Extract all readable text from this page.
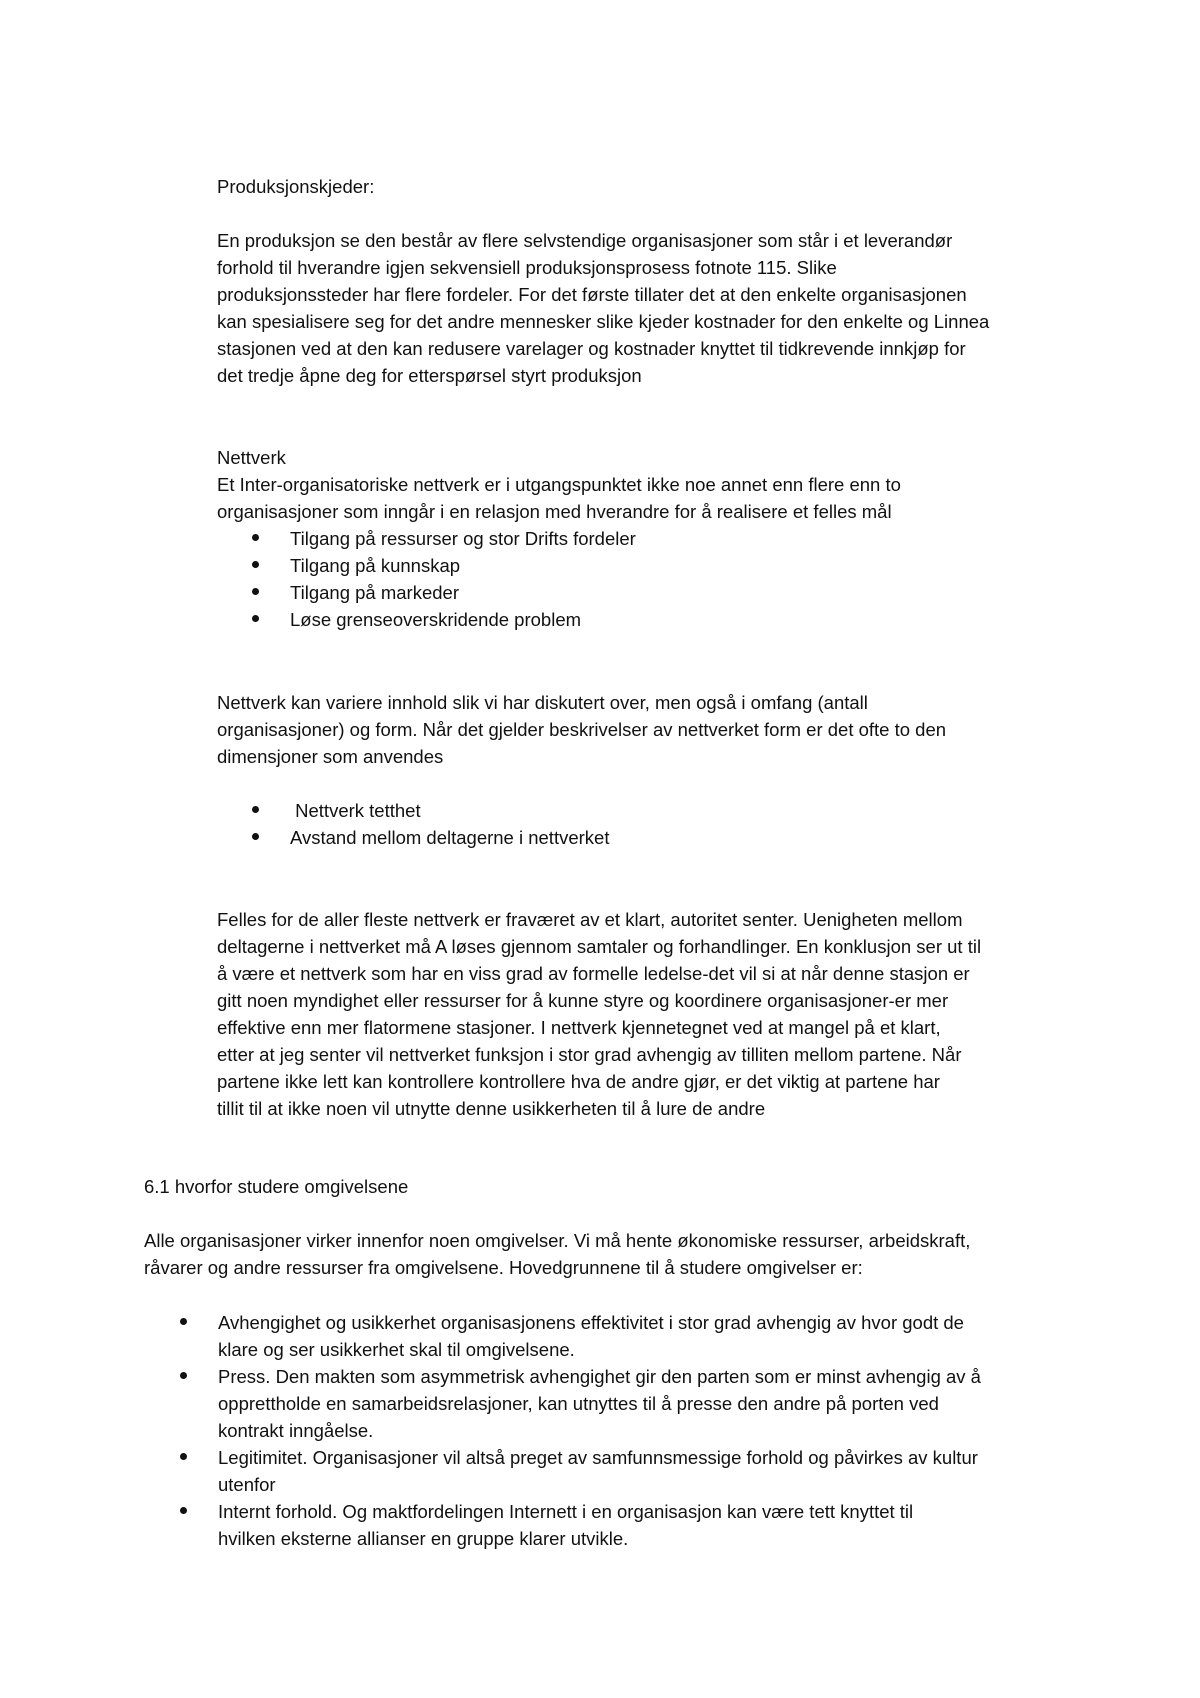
Produksjonskjeder:

En produksjon se den består av flere selvstendige organisasjoner som står i et leverandør

forhold til hverandre igjen sekvensiell produksjonsprosess fotnote 115. Slike

produksjonssteder har flere fordeler. For det første tillater det at den enkelte organisasjonen

kan spesialisere seg for det andre mennesker slike kjeder kostnader for den enkelte og Linnea

stasjonen ved at den kan redusere varelager og kostnader knyttet til tidkrevende innkjøp for

det tredje åpne deg for etterspørsel styrt produksjon

Nettverk

Et Inter-organisatoriske nettverk er i utgangspunktet ikke noe annet enn flere enn to

organisasjoner som inngår i en relasjon med hverandre for å realisere et felles mål

Tilgang på ressurser og stor Drifts fordeler

Tilgang på kunnskap

Tilgang på markeder

Løse grenseoverskridende problem

Nettverk kan variere innhold slik vi har diskutert over, men også i omfang (antall

organisasjoner) og form. Når det gjelder beskrivelser av nettverket form er det ofte to den

dimensjoner som anvendes

Nettverk tetthet

Avstand mellom deltagerne i nettverket

Felles for de aller fleste nettverk er fraværet av et klart, autoritet senter. Uenigheten mellom

deltagerne i nettverket må A løses gjennom samtaler og forhandlinger. En konklusjon ser ut til

å være et nettverk som har en viss grad av formelle ledelse-det vil si at når denne stasjon er

gitt noen myndighet eller ressurser for å kunne styre og koordinere organisasjoner-er mer

effektive enn mer flatormene stasjoner. I nettverk kjennetegnet ved at mangel på et klart,

etter at jeg senter vil nettverket funksjon i stor grad avhengig av tilliten mellom partene. Når

partene ikke lett kan kontrollere kontrollere hva de andre gjør, er det viktig at partene har

tillit til at ikke noen vil utnytte denne usikkerheten til å lure de andre

6.1 hvorfor studere omgivelsene

Alle organisasjoner virker innenfor noen omgivelser. Vi må hente økonomiske ressurser, arbeidskraft,

råvarer og andre ressurser fra omgivelsene. Hovedgrunnene til å studere omgivelser er:

Avhengighet og usikkerhet organisasjonens effektivitet i stor grad avhengig av hvor godt de

klare og ser usikkerhet skal til omgivelsene.

Press. Den makten som asymmetrisk avhengighet gir den parten som er minst avhengig av å

opprettholde en samarbeidsrelasjoner, kan utnyttes til å presse den andre på porten ved

kontrakt inngåelse.

Legitimitet. Organisasjoner vil altså preget av samfunnsmessige forhold og påvirkes av kultur

utenfor

Internt forhold. Og maktfordelingen Internett i en organisasjon kan være tett knyttet til

hvilken eksterne allianser en gruppe klarer utvikle.
